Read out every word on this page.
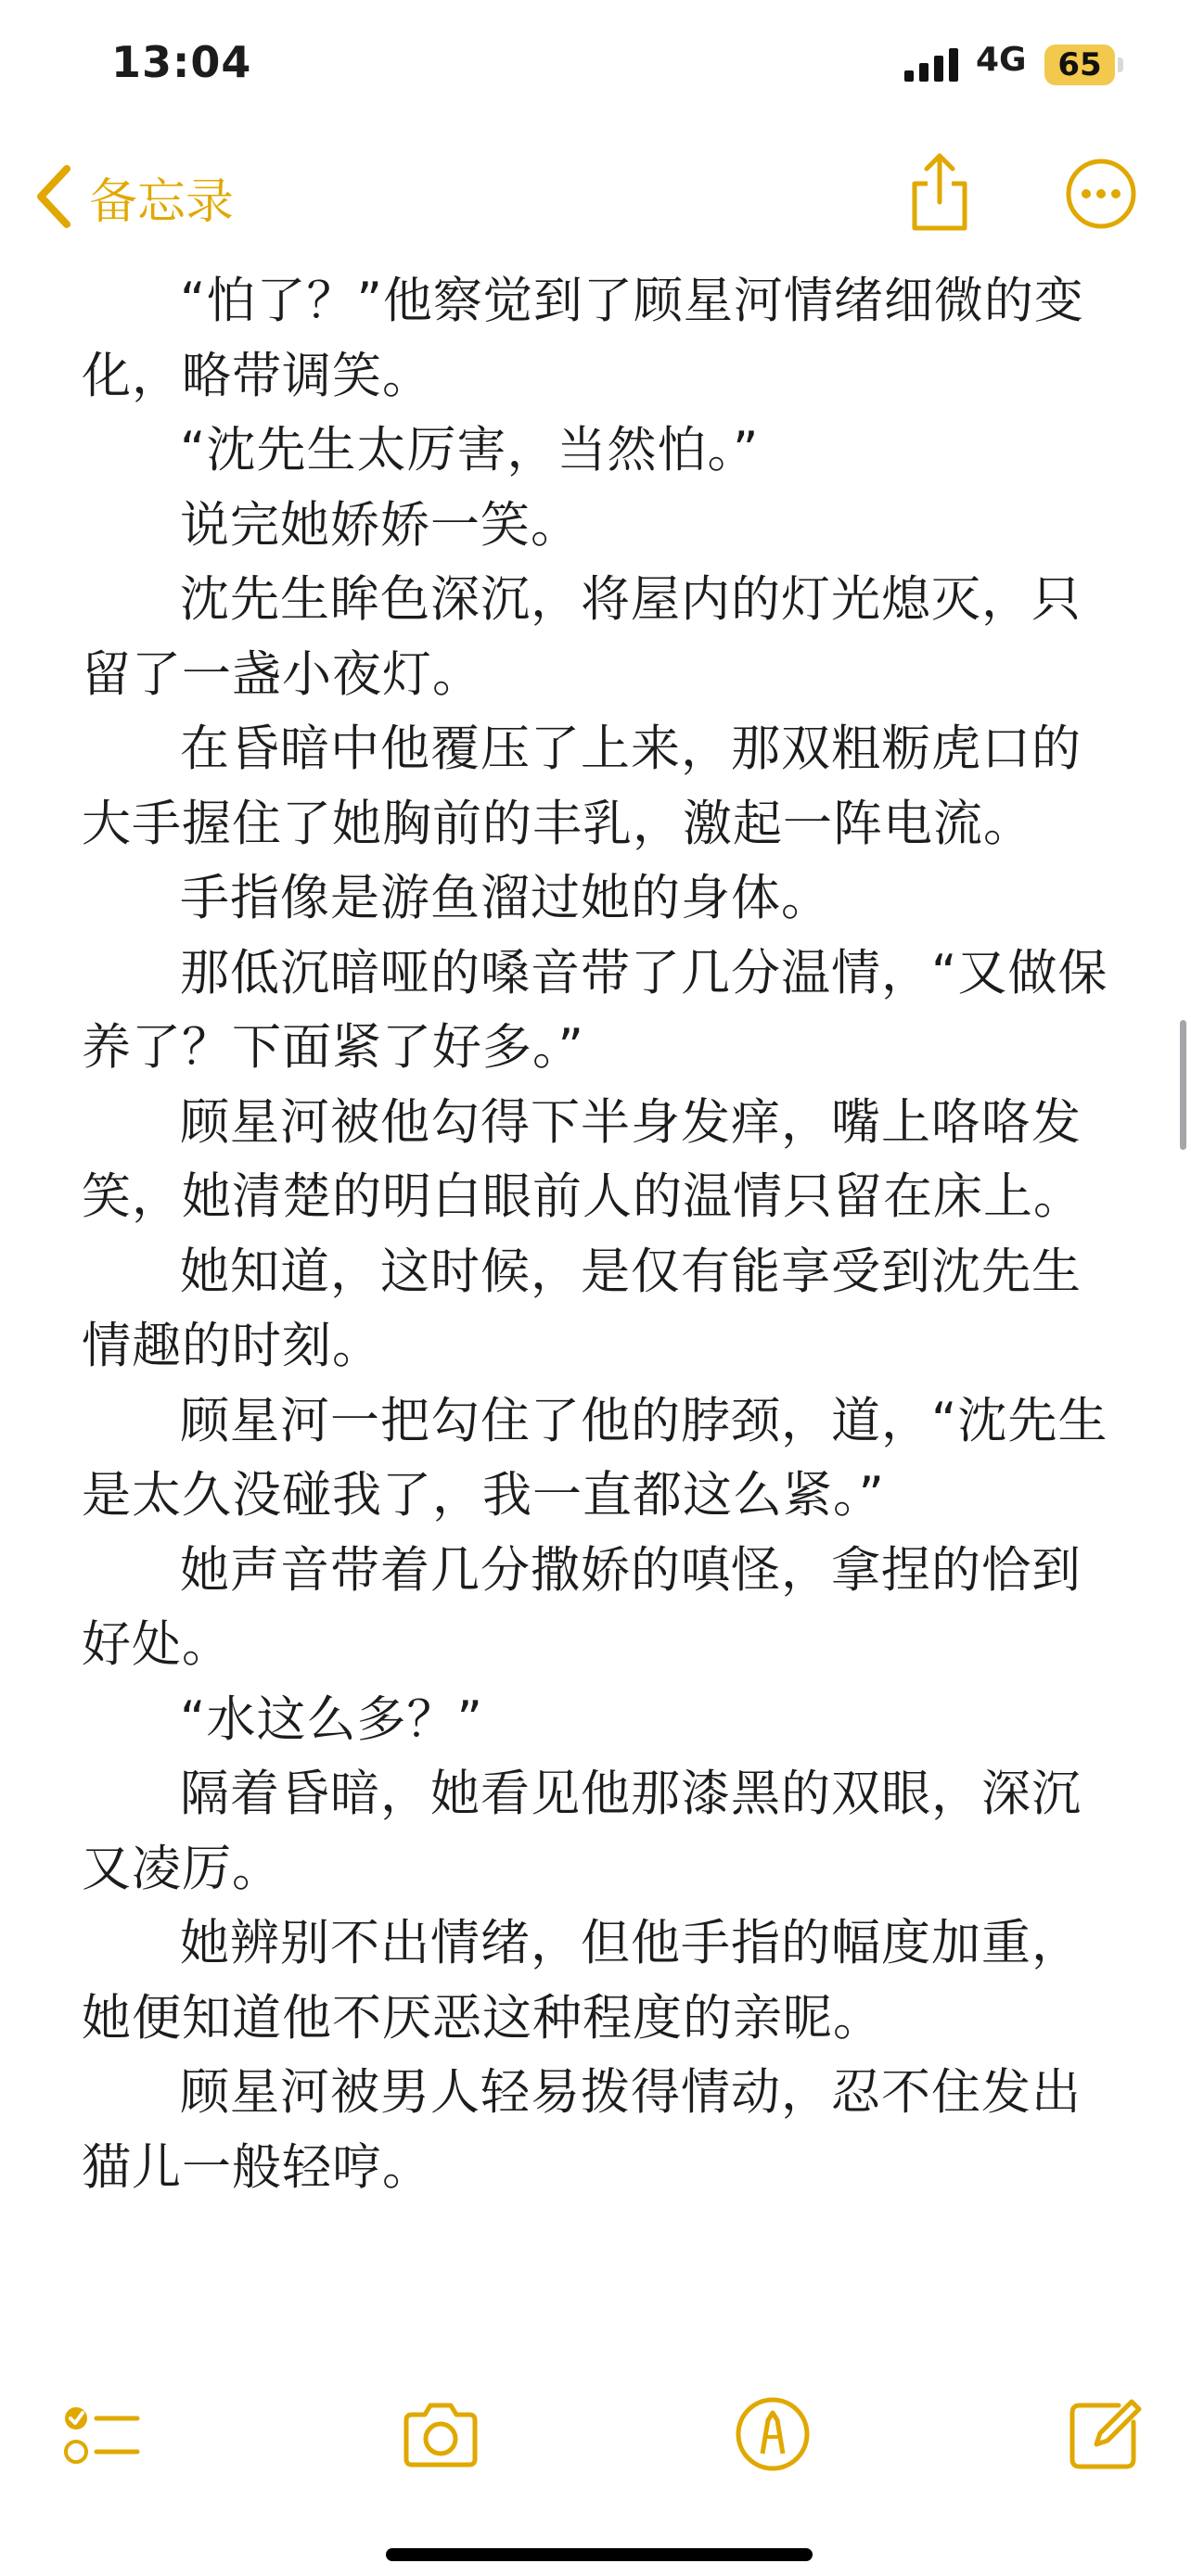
13:04	4G 65
备忘录

“怕了？”他察觉到了顾星河情绪细微的变化，略带调笑。

“沈先生太厉害，当然怕。”

说完她娇娇一笑。

沈先生眸色深沉，将屋内的灯光熄灭，只留了一盏小夜灯。

在昏暗中他覆压了上来，那双粗粝虎口的大手握住了她胸前的丰乳，激起一阵电流。

手指像是游鱼溜过她的身体。

那低沉暗哑的嗓音带了几分温情，“又做保养了？下面紧了好多。”

顾星河被他勾得下半身发痒，嘴上咯咯发笑，她清楚的明白眼前人的温情只留在床上。

她知道，这时候，是仅有能享受到沈先生情趣的时刻。

顾星河一把勾住了他的脖颈，道，“沈先生是太久没碰我了，我一直都这么紧。”

她声音带着几分撒娇的嗔怪，拿捏的恰到好处。

“水这么多？”

隔着昏暗，她看见他那漆黑的双眼，深沉又凌厉。

她辨别不出情绪，但他手指的幅度加重，她便知道他不厌恶这种程度的亲昵。

顾星河被男人轻易拨得情动，忍不住发出猫儿一般轻哼。
